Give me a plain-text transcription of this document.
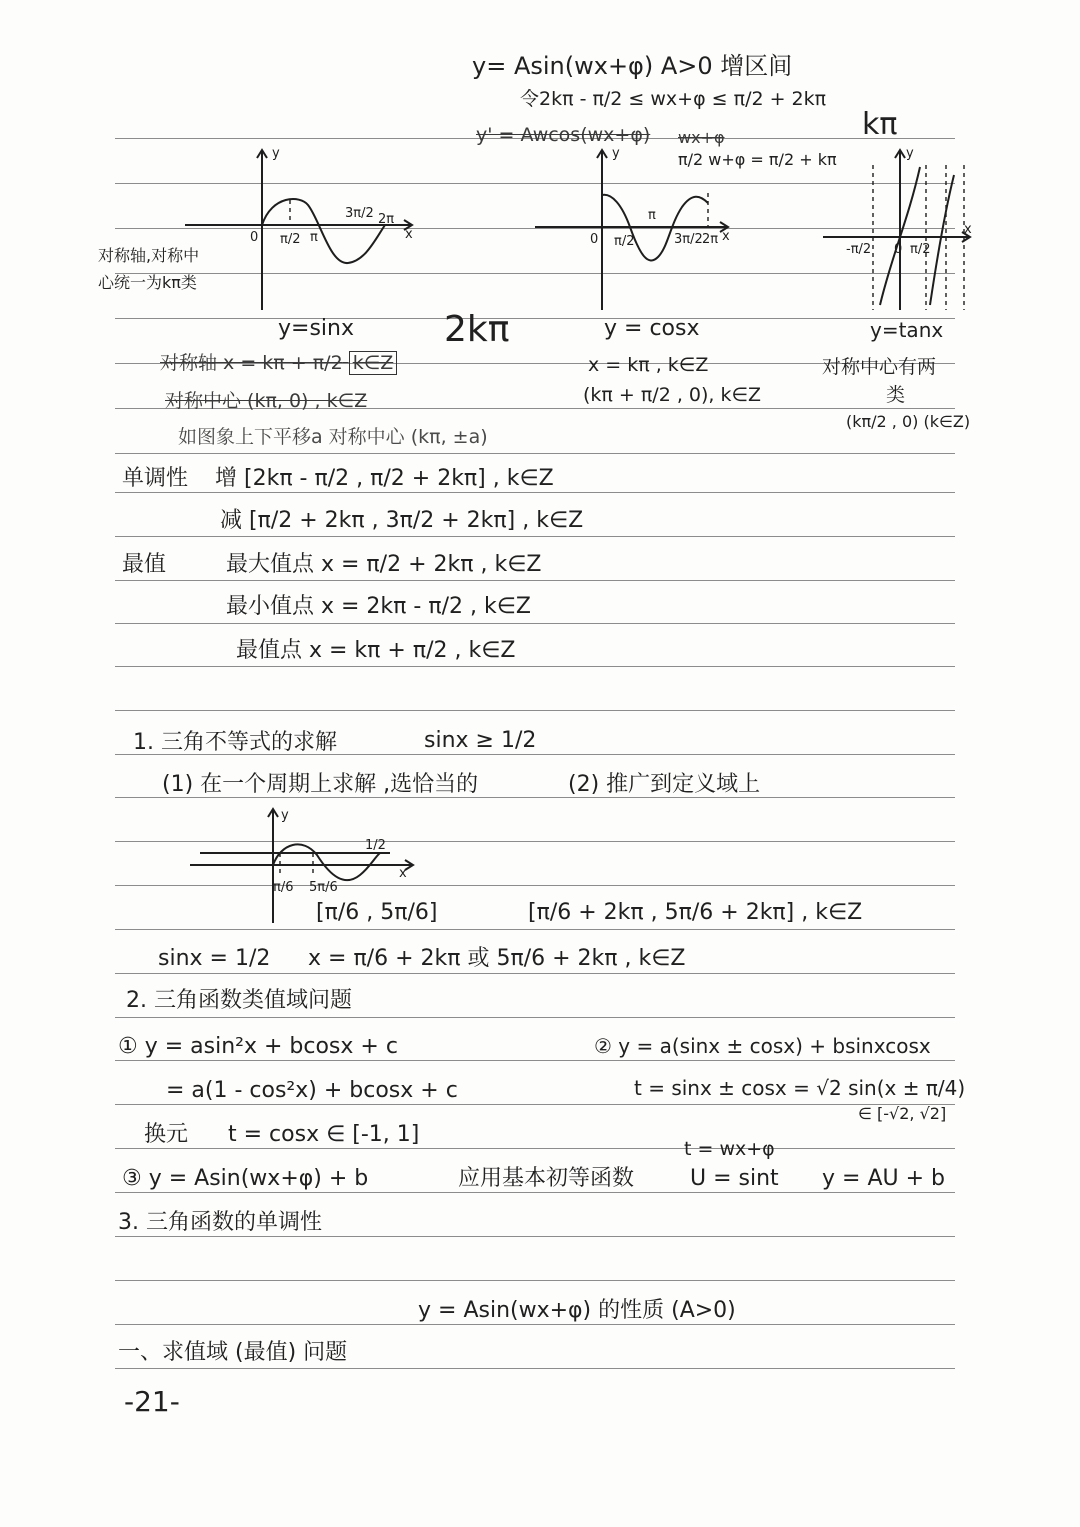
y= Asin(wx+φ) A>0 增区间
令2kπ - π/2 ≤ wx+φ ≤ π/2 + 2kπ
y' = Awcos(wx+φ) wx+φ
π/2 w+φ = π/2 + kπ
kπ
y
x
0 π/2 π
3π/2 2π
对称轴,对称中
心统一为kπ类
y=sinx	2kπ
y
x
0 π/2
π
3π/2 2π
y = cosx
y
x
-π/2 0 π/2
y=tanx
对称轴 x = kπ + π/2 k∈Z
对称中心 (kπ, 0) , k∈Z
如图象上下平移a 对称中心 (kπ, ±a)
x = kπ , k∈Z
(kπ + π/2 , 0), k∈Z
对称中心有两
类
(kπ/2 , 0) (k∈Z)
单调性 增 [2kπ - π/2 , π/2 + 2kπ] , k∈Z
减 [π/2 + 2kπ , 3π/2 + 2kπ] , k∈Z
最值	最大值点 x = π/2 + 2kπ , k∈Z
最小值点 x = 2kπ - π/2 , k∈Z
最值点 x = kπ + π/2 , k∈Z
1. 三角不等式的求解	sinx ≥ 1/2
(1) 在一个周期上求解 ,选恰当的	(2) 推广到定义域上
y
x
1/2
π/6 5π/6
[π/6 , 5π/6]	[π/6 + 2kπ , 5π/6 + 2kπ] , k∈Z
sinx = 1/2 x = π/6 + 2kπ 或 5π/6 + 2kπ , k∈Z
2. 三角函数类值域问题
① y = asin²x + bcosx + c
= a(1 - cos²x) + bcosx + c
换元 t = cosx ∈ [-1, 1]
② y = a(sinx ± cosx) + bsinxcosx
t = sinx ± cosx = √2 sin(x ± π/4)
∈ [-√2, √2]
③ y = Asin(wx+φ) + b	应用基本初等函数
t = wx+φ
U = sint y = AU + b
3. 三角函数的单调性
y = Asin(wx+φ) 的性质 (A>0)
一、求值域 (最值) 问题
-21-
